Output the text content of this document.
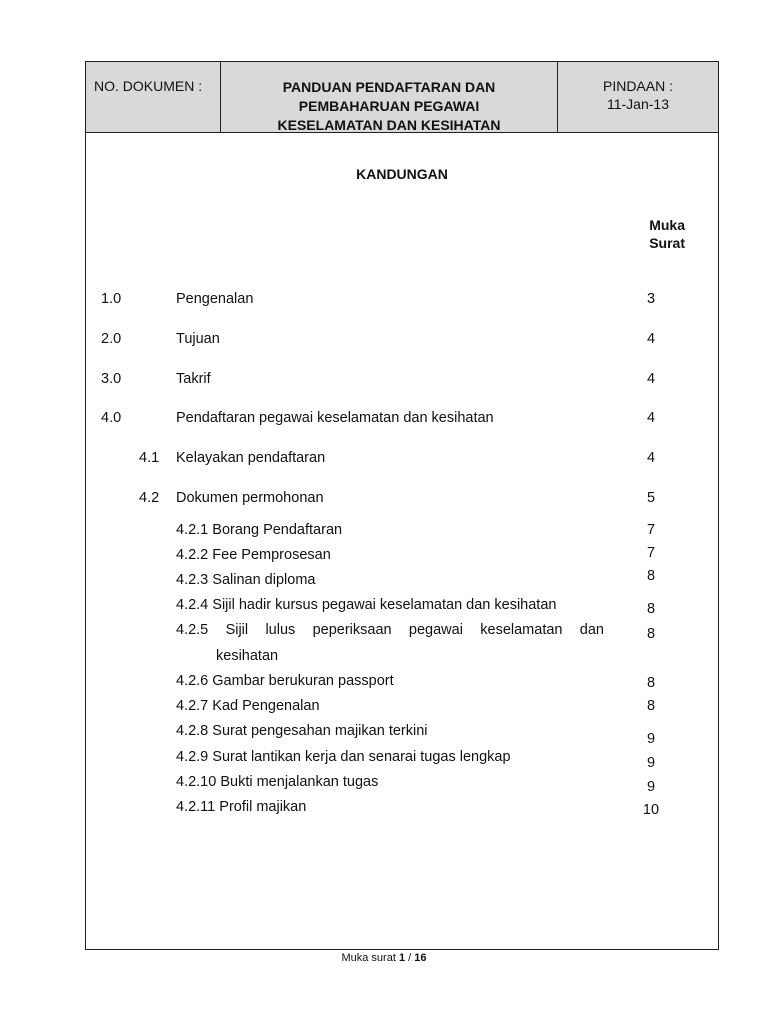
NO. DOKUMEN :	PANDUAN PENDAFTARAN DAN
PEMBAHARUAN PEGAWAI
KESELAMATAN DAN KESIHATAN
PINDAAN :
11-Jan-13
KANDUNGAN
Muka
Surat
1.0	Pengenalan	3
2.0	Tujuan	4
3.0	Takrif	4
4.0	Pendaftaran pegawai keselamatan dan kesihatan	4
4.1 Kelayakan pendaftaran	4
4.2 Dokumen permohonan	5
4.2.1 Borang Pendaftaran	7
4.2.2 Fee Pemprosesan	7
4.2.3 Salinan diploma	8
4.2.4 Sijil hadir kursus pegawai keselamatan dan kesihatan	8
4.2.5 Sijil lulus peperiksaan pegawai keselamatan dan	8
kesihatan
4.2.6 Gambar berukuran passport	8
4.2.7 Kad Pengenalan	8
4.2.8 Surat pengesahan majikan terkini	9
4.2.9 Surat lantikan kerja dan senarai tugas lengkap	9
4.2.10 Bukti menjalankan tugas	9
4.2.11 Profil majikan	10
Muka surat 1 / 16
